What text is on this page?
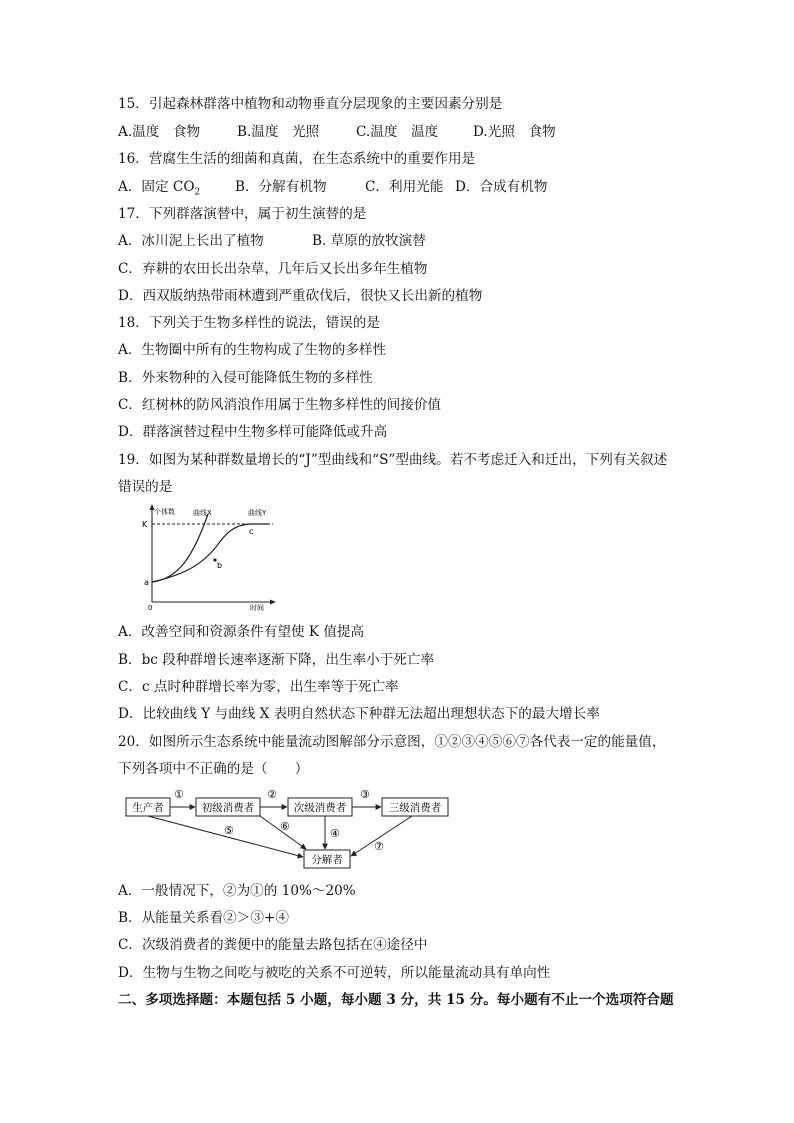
15．引起森林群落中植物和动物垂直分层现象的主要因素分别是
A.温度　食物	B.温度　光照	C.温度　温度	D.光照　食物
16．营腐生生活的细菌和真菌，在生态系统中的重要作用是
A．固定 $CO_2$	B．分解有机物	C．利用光能 D．合成有机物
17．下列群落演替中，属于初生演替的是
A．冰川泥上长出了植物	B. 草原的放牧演替
C．弃耕的农田长出杂草，几年后又长出多年生植物
D．西双版纳热带雨林遭到严重砍伐后，很快又长出新的植物
18．下列关于生物多样性的说法，错误的是
A．生物圈中所有的生物构成了生物的多样性
B．外来物种的入侵可能降低生物的多样性
C．红树林的防风消浪作用属于生物多样性的间接价值
D．群落演替过程中生物多样可能降低或升高
19．如图为某种群数量增长的“J”型曲线和“S”型曲线。若不考虑迁入和迁出，下列有关叙述
错误的是
个体数	曲线X	曲线Y
K
a
b
c
0	时间
A．改善空间和资源条件有望使 K 值提高
B．bc 段种群增长速率逐渐下降，出生率小于死亡率
C．c 点时种群增长率为零，出生率等于死亡率
D．比较曲线 Y 与曲线 X 表明自然状态下种群无法超出理想状态下的最大增长率
20．如图所示生态系统中能量流动图解部分示意图，①②③④⑤⑥⑦各代表一定的能量值，
下列各项中不正确的是（　　）
生产者	初级消费者	次级消费者	三级消费者
分解者
①	②	③
④
⑤	⑥
⑦
A．一般情况下，②为①的 10%～20%
B．从能量关系看②＞③+④
C．次级消费者的粪便中的能量去路包括在④途径中
D．生物与生物之间吃与被吃的关系不可逆转，所以能量流动具有单向性
二、多项选择题：本题包括 5 小题，每小题 3 分，共 15 分。每小题有不止一个选项符合题
